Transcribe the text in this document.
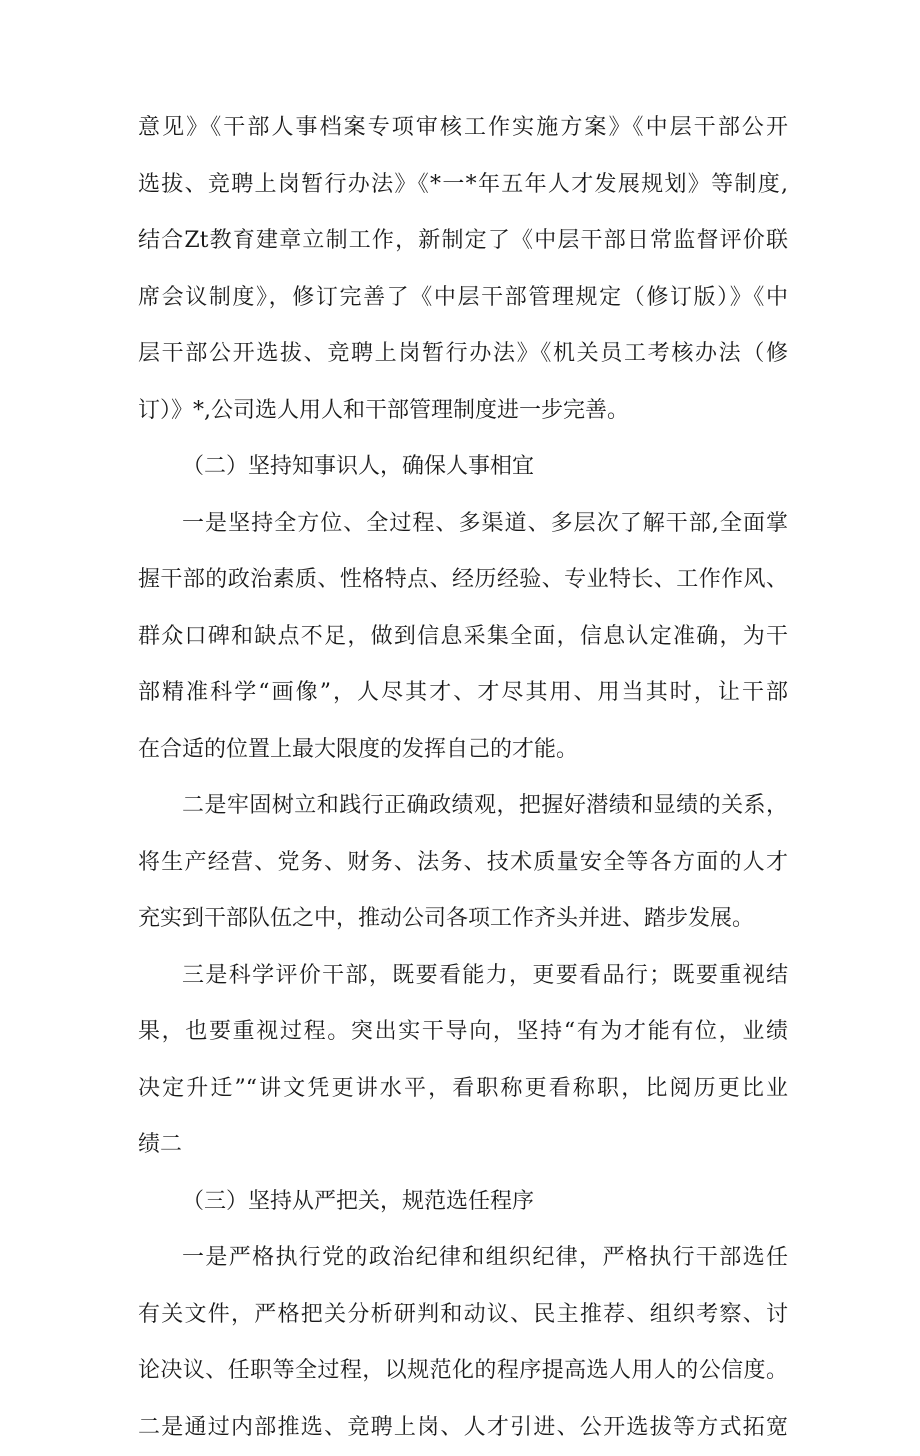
意见》《干部人事档案专项审核工作实施方案》《中层干部公开
选拔、竞聘上岗暂行办法》《*一*年五年人才发展规划》等制度,
结合Zt教育建章立制工作，新制定了《中层干部日常监督评价联
席会议制度》，修订完善了《中层干部管理规定（修订版）》《中
层干部公开选拔、竞聘上岗暂行办法》《机关员工考核办法（修
订）》*,公司选人用人和干部管理制度进一步完善。
（二）坚持知事识人，确保人事相宜
一是坚持全方位、全过程、多渠道、多层次了解干部,全面掌
握干部的政治素质、性格特点、经历经验、专业特长、工作作风、
群众口碑和缺点不足，做到信息采集全面，信息认定准确，为干
部精准科学“画像”，人尽其才、才尽其用、用当其时，让干部
在合适的位置上最大限度的发挥自己的才能。
二是牢固树立和践行正确政绩观，把握好潜绩和显绩的关系，
将生产经营、党务、财务、法务、技术质量安全等各方面的人才
充实到干部队伍之中，推动公司各项工作齐头并进、踏步发展。
三是科学评价干部，既要看能力，更要看品行；既要重视结
果，也要重视过程。突出实干导向，坚持“有为才能有位，业绩
决定升迁”“讲文凭更讲水平，看职称更看称职，比阅历更比业
绩二
（三）坚持从严把关，规范选任程序
一是严格执行党的政治纪律和组织纪律，严格执行干部选任
有关文件，严格把关分析研判和动议、民主推荐、组织考察、讨
论决议、任职等全过程，以规范化的程序提高选人用人的公信度。
二是通过内部推选、竞聘上岗、人才引进、公开选拔等方式拓宽
